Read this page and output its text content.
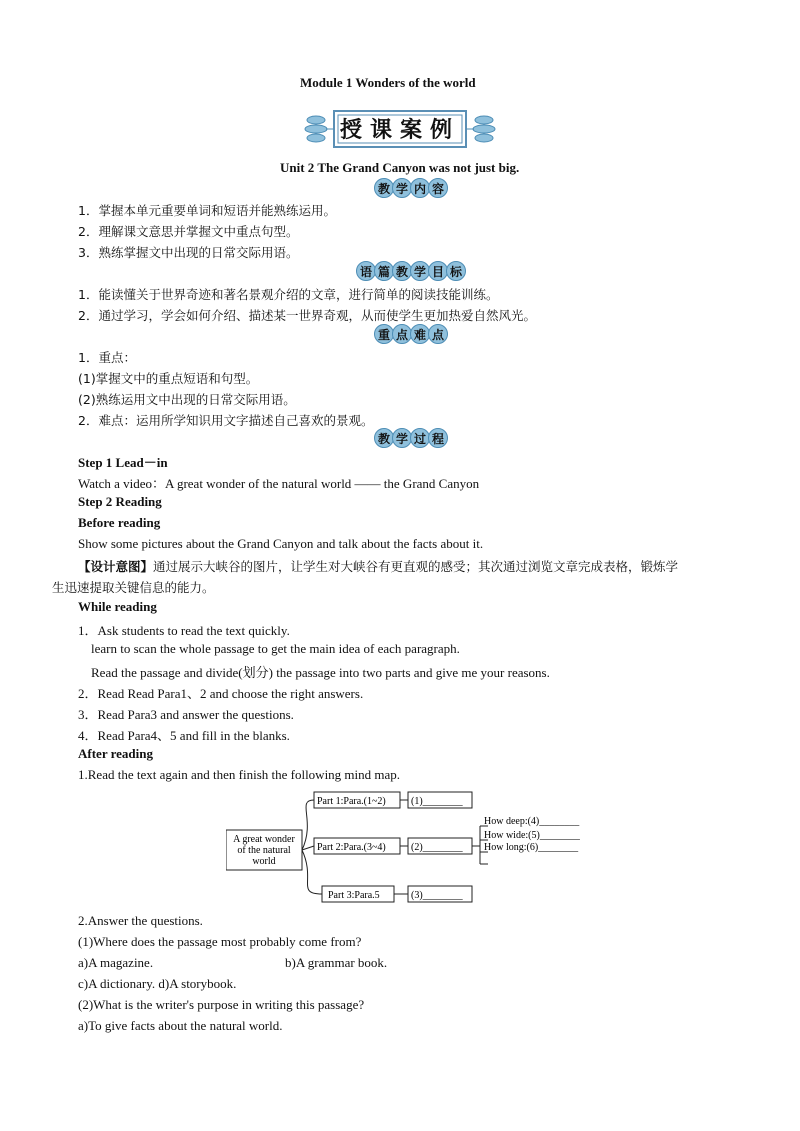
Module 1 Wonders of the world
授课案例
Unit 2 The Grand Canyon was not just big.
教 学 内 容
1．掌握本单元重要单词和短语并能熟练运用。
2．理解课文意思并掌握文中重点句型。
3．熟练掌握文中出现的日常交际用语。
语 篇 教 学 目 标
1．能读懂关于世界奇迹和著名景观介绍的文章，进行简单的阅读技能训练。
2．通过学习，学会如何介绍、描述某一世界奇观，从而使学生更加热爱自然风光。
重 点 难 点
1．重点：
(1)掌握文中的重点短语和句型。
(2)熟练运用文中出现的日常交际用语。
2．难点：运用所学知识用文字描述自己喜欢的景观。
教 学 过 程
Step 1 Lead－in
Watch a video：A great wonder of the natural world —— the Grand Canyon
Step 2 Reading
Before reading
Show some pictures about the Grand Canyon and talk about the facts about it.
【设计意图】通过展示大峡谷的图片，让学生对大峡谷有更直观的感受；其次通过浏览文章完成表格，锻炼学
生迅速提取关键信息的能力。
While reading
1．Ask students to read the text quickly.
learn to scan the whole passage to get the main idea of each paragraph.
Read the passage and divide(划分) the passage into two parts and give me your reasons.
2．Read Read Para1、2 and choose the right answers.
3．Read Para3 and answer the questions.
4．Read Para4、5 and fill in the blanks.
After reading
1.Read the text again and then finish the following mind map.
A great wonder
of the natural
world
Part 1:Para.(1~2)
Part 2:Para.(3~4)
Part 3:Para.5
(1)________
(2)________
(3)________
How deep:(4)________
How wide:(5)________
How long:(6)________
2.Answer the questions.
(1)Where does the passage most probably come from?
a)A magazine.	b)A grammar book.
c)A dictionary. d)A storybook.
(2)What is the writer's purpose in writing this passage?
a)To give facts about the natural world.
